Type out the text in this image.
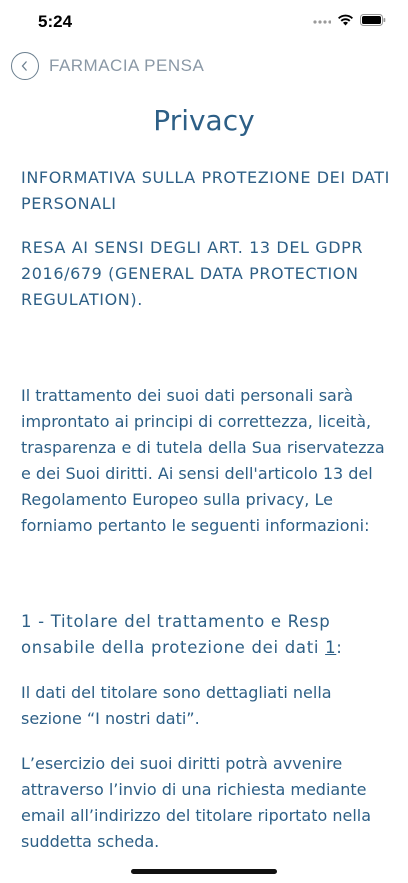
5:24
FARMACIA PENSA
Privacy

INFORMATIVA SULLA PROTEZIONE DEI DATI PERSONALI

RESA AI SENSI DEGLI ART. 13 DEL GDPR 2016/679 (GENERAL DATA PROTECTION REGULATION).

Il trattamento dei suoi dati personali sarà improntato ai principi di correttezza, liceità, trasparenza e di tutela della Sua riservatezza e dei Suoi diritti. Ai sensi dell'articolo 13 del Regolamento Europeo sulla privacy, Le forniamo pertanto le seguenti informazioni:

1 - Titolare del trattamento e Resp onsabile della protezione dei dati 1:

Il dati del titolare sono dettagliati nella sezione “I nostri dati”.

L’esercizio dei suoi diritti potrà avvenire attraverso l’invio di una richiesta mediante email all’indirizzo del titolare riportato nella suddetta scheda.
